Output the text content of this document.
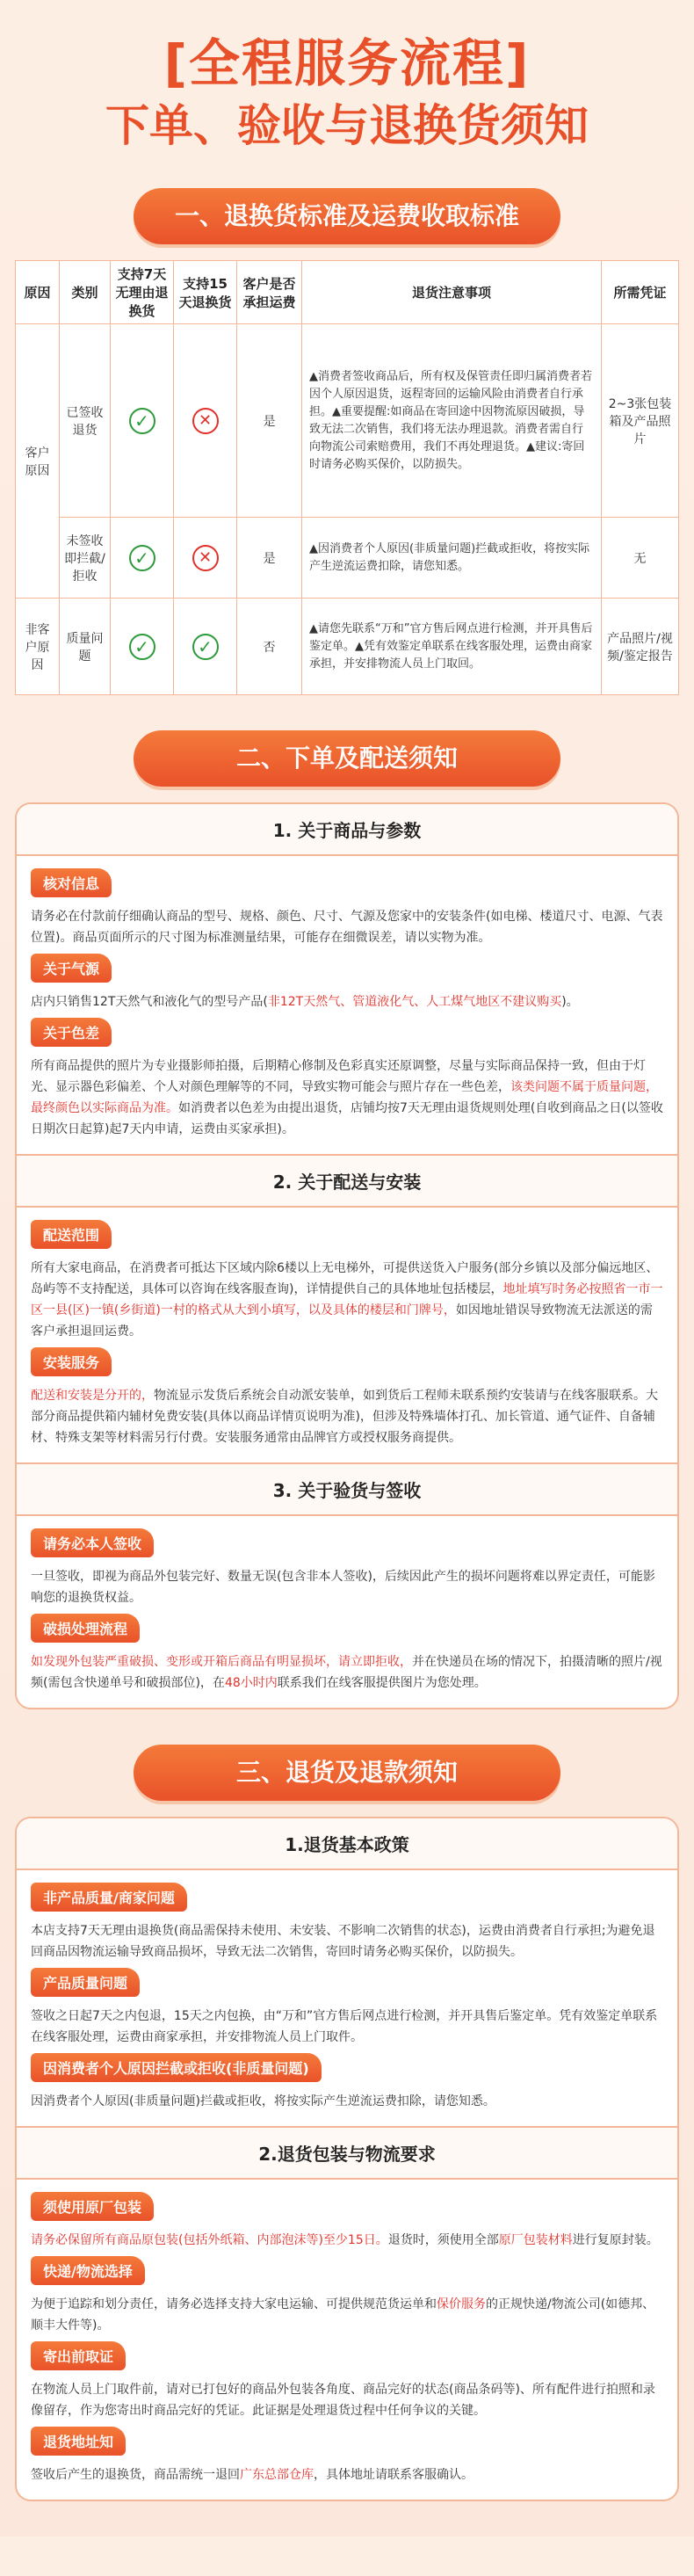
[全程服务流程]
下单、验收与退换货须知
一、退换货标准及运费收取标准
原因	类别	支持7天无理由退换货	支持15天退换货	客户是否承担运费	退货注意事项	所需凭证
客户原因	已签收退货	✓	✕	是	▲消费者签收商品后，所有权及保管责任即归属消费者若因个人原因退货，返程寄回的运输风险由消费者自行承担。▲重要提醒:如商品在寄回途中因物流原因破损，导致无法二次销售，我们将无法办理退款。消费者需自行向物流公司索赔费用，我们不再处理退货。▲建议:寄回时请务必购买保价，以防损失。	2~3张包装箱及产品照片
	未签收即拦截/拒收	✓	✕	是	▲因消费者个人原因(非质量问题)拦截或拒收，将按实际产生逆流运费扣除，请您知悉。	无
非客户原因	质量问题	✓	✓	否	▲请您先联系“万和”官方售后网点进行检测，并开具售后鉴定单。▲凭有效鉴定单联系在线客服处理，运费由商家承担，并安排物流人员上门取回。	产品照片/视频/鉴定报告
二、下单及配送须知
1. 关于商品与参数
核对信息
请务必在付款前仔细确认商品的型号、规格、颜色、尺寸、气源及您家中的安装条件(如电梯、楼道尺寸、电源、气表位置)。商品页面所示的尺寸图为标准测量结果，可能存在细微误差，请以实物为准。
关于气源
店内只销售12T天然气和液化气的型号产品(非12T天然气、管道液化气、人工煤气地区不建议购买)。
关于色差
所有商品提供的照片为专业摄影师拍摄，后期精心修制及色彩真实还原调整，尽量与实际商品保持一致，但由于灯光、显示器色彩偏差、个人对颜色理解等的不同，导致实物可能会与照片存在一些色差，该类问题不属于质量问题，最终颜色以实际商品为准。如消费者以色差为由提出退货，店铺均按7天无理由退货规则处理(自收到商品之日(以签收日期次日起算)起7天内申请，运费由买家承担)。
2. 关于配送与安装
配送范围
所有大家电商品，在消费者可抵达下区域内除6楼以上无电梯外，可提供送货入户服务(部分乡镇以及部分偏远地区、岛屿等不支持配送，具体可以咨询在线客服查询)，详情提供自己的具体地址包括楼层，地址填写时务必按照省一市一区一县(区)一镇(乡街道)一村的格式从大到小填写，以及具体的楼层和门牌号，如因地址错误导致物流无法派送的需客户承担退回运费。
安装服务
配送和安装是分开的，物流显示发货后系统会自动派安装单，如到货后工程师未联系预约安装请与在线客服联系。大部分商品提供箱内辅材免费安装(具体以商品详情页说明为准)，但涉及特殊墙体打孔、加长管道、通气证件、自备辅材、特殊支架等材料需另行付费。安装服务通常由品牌官方或授权服务商提供。
3. 关于验货与签收
请务必本人签收
一旦签收，即视为商品外包装完好、数量无误(包含非本人签收)，后续因此产生的损坏问题将难以界定责任，可能影响您的退换货权益。
破损处理流程
如发现外包装严重破损、变形或开箱后商品有明显损坏，请立即拒收，并在快递员在场的情况下，拍摄清晰的照片/视频(需包含快递单号和破损部位)，在48小时内联系我们在线客服提供图片为您处理。
三、退货及退款须知
1.退货基本政策
非产品质量/商家问题
本店支持7天无理由退换货(商品需保持未使用、未安装、不影响二次销售的状态)，运费由消费者自行承担;为避免退回商品因物流运输导致商品损坏，导致无法二次销售，寄回时请务必购买保价，以防损失。
产品质量问题
签收之日起7天之内包退，15天之内包换，由“万和”官方售后网点进行检测，并开具售后鉴定单。凭有效鉴定单联系在线客服处理，运费由商家承担，并安排物流人员上门取件。
因消费者个人原因拦截或拒收(非质量问题)
因消费者个人原因(非质量问题)拦截或拒收，将按实际产生逆流运费扣除，请您知悉。
2.退货包装与物流要求
须使用原厂包装
请务必保留所有商品原包装(包括外纸箱、内部泡沫等)至少15日。退货时，须使用全部原厂包装材料进行复原封装。
快递/物流选择
为便于追踪和划分责任，请务必选择支持大家电运输、可提供规范货运单和保价服务的正规快递/物流公司(如德邦、顺丰大件等)。
寄出前取证
在物流人员上门取件前，请对已打包好的商品外包装各角度、商品完好的状态(商品条码等)、所有配件进行拍照和录像留存，作为您寄出时商品完好的凭证。此证据是处理退货过程中任何争议的关键。
退货地址知
签收后产生的退换货，商品需统一退回广东总部仓库，具体地址请联系客服确认。
